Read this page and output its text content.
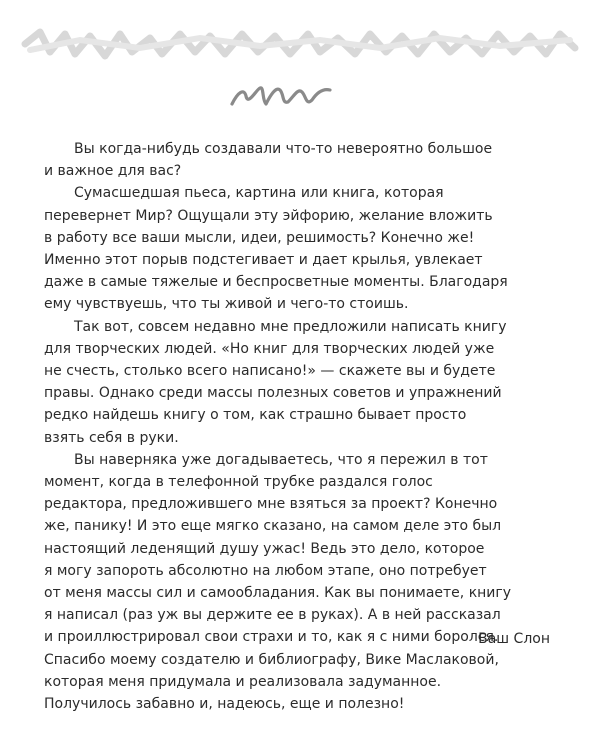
Вы когда-нибудь создавали что-то невероятно большое
и важное для вас?

Сумасшедшая пьеса, картина или книга, которая
перевернет Мир? Ощущали эту эйфорию, желание вложить
в работу все ваши мысли, идеи, решимость? Конечно же!
Именно этот порыв подстегивает и дает крылья, увлекает
даже в самые тяжелые и беспросветные моменты. Благодаря
ему чувствуешь, что ты живой и чего-то стоишь.

Так вот, совсем недавно мне предложили написать книгу
для творческих людей. «Но книг для творческих людей уже
не счесть, столько всего написано!» — скажете вы и будете
правы. Однако среди массы полезных советов и упражнений
редко найдешь книгу о том, как страшно бывает просто
взять себя в руки.

Вы наверняка уже догадываетесь, что я пережил в тот
момент, когда в телефонной трубке раздался голос
редактора, предложившего мне взяться за проект? Конечно
же, панику! И это еще мягко сказано, на самом деле это был
настоящий леденящий душу ужас! Ведь это дело, которое
я могу запороть абсолютно на любом этапе, оно потребует
от меня массы сил и самообладания. Как вы понимаете, книгу
я написал (раз уж вы держите ее в руках). А в ней рассказал
и проиллюстрировал свои страхи и то, как я с ними боролся.
Спасибо моему создателю и библиографу, Вике Маслаковой,
которая меня придумала и реализовала задуманное.
Получилось забавно и, надеюсь, еще и полезно!

Ваш Слон
